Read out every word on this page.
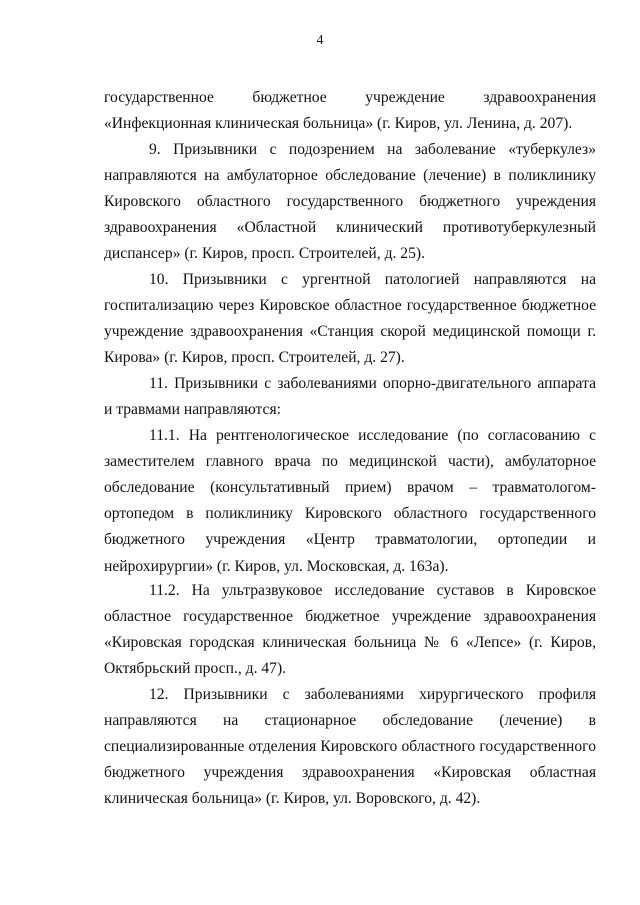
4

государственное бюджетное учреждение здравоохранения «Инфекционная клиническая больница» (г. Киров, ул. Ленина, д. 207).

9. Призывники с подозрением на заболевание «туберкулез» направляются на амбулаторное обследование (лечение) в поликлинику Кировского областного государственного бюджетного учреждения здравоохранения «Областной клинический противотуберкулезный диспансер» (г. Киров, просп. Строителей, д. 25).

10. Призывники с ургентной патологией направляются на госпитализацию через Кировское областное государственное бюджетное учреждение здравоохранения «Станция скорой медицинской помощи г. Кирова» (г. Киров, просп. Строителей, д. 27).

11. Призывники с заболеваниями опорно-двигательного аппарата и травмами направляются:

11.1. На рентгенологическое исследование (по согласованию с заместителем главного врача по медицинской части), амбулаторное обследование (консультативный прием) врачом – травматологом-ортопедом в поликлинику Кировского областного государственного бюджетного учреждения «Центр травматологии, ортопедии и нейрохирургии» (г. Киров, ул. Московская, д. 163а).

11.2. На ультразвуковое исследование суставов в Кировское областное государственное бюджетное учреждение здравоохранения «Кировская городская клиническая больница № 6 «Лепсе» (г. Киров, Октябрьский просп., д. 47).

12. Призывники с заболеваниями хирургического профиля направляются на стационарное обследование (лечение) в специализированные отделения Кировского областного государственного бюджетного учреждения здравоохранения «Кировская областная клиническая больница» (г. Киров, ул. Воровского, д. 42).
